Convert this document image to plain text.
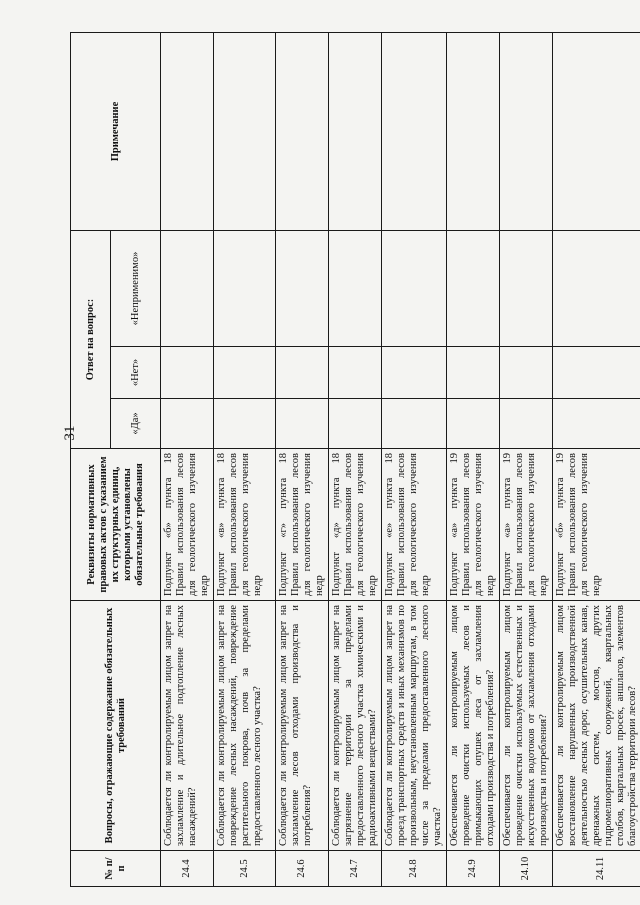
31
№ п/п	Вопросы, отражающие содержание обязательных требований	Реквизиты нормативных правовых актов с указанием их структурных единиц, которыми установлены обязательные требования	Ответ на вопрос:			Примечание
			«Да»	«Нет»	«Неприменимо»	
24.4	Соблюдается ли контролируемым лицом запрет на захламление и длительное подтопление лесных насаждений?	Подпункт «б» пункта 18 Правил использования лесов для геологического изучения недр				
24.5	Соблюдается ли контролируемым лицом запрет на повреждение лесных насаждений, повреждение растительного покрова, почв за пределами предоставленного лесного участка?	Подпункт «в» пункта 18 Правил использования лесов для геологического изучения недр				
24.6	Соблюдается ли контролируемым лицом запрет на захламление лесов отходами производства и потребления?	Подпункт «г» пункта 18 Правил использования лесов для геологического изучения недр				
24.7	Соблюдается ли контролируемым лицом запрет на загрязнение территории за пределами предоставленного лесного участка химическими и радиоактивными веществами?	Подпункт «д» пункта 18 Правил использования лесов для геологического изучения недр				
24.8	Соблюдается ли контролируемым лицом запрет на проезд транспортных средств и иных механизмов по произвольным, неустановленным маршрутам, в том числе за пределами предоставленного лесного участка?	Подпункт «е» пункта 18 Правил использования лесов для геологического изучения недр				
24.9	Обеспечивается ли контролируемым лицом проведение очистки используемых лесов и примыкающих опушек леса от захламления отходами производства и потребления?	Подпункт «а» пункта 19 Правил использования лесов для геологического изучения недр				
24.10	Обеспечивается ли контролируемым лицом проведение очистки используемых естественных и искусственных водотоков от захламления отходами производства и потребления?	Подпункт «а» пункта 19 Правил использования лесов для геологического изучения недр				
24.11	Обеспечивается ли контролируемым лицом восстановление нарушенных производственной деятельностью лесных дорог, осушительных канав, дренажных систем, мостов, других гидромелиоративных сооружений, квартальных столбов, квартальных просек, аншлагов, элементов благоустройства территории лесов?	Подпункт «б» пункта 19 Правил использования лесов для геологического изучения недр				
